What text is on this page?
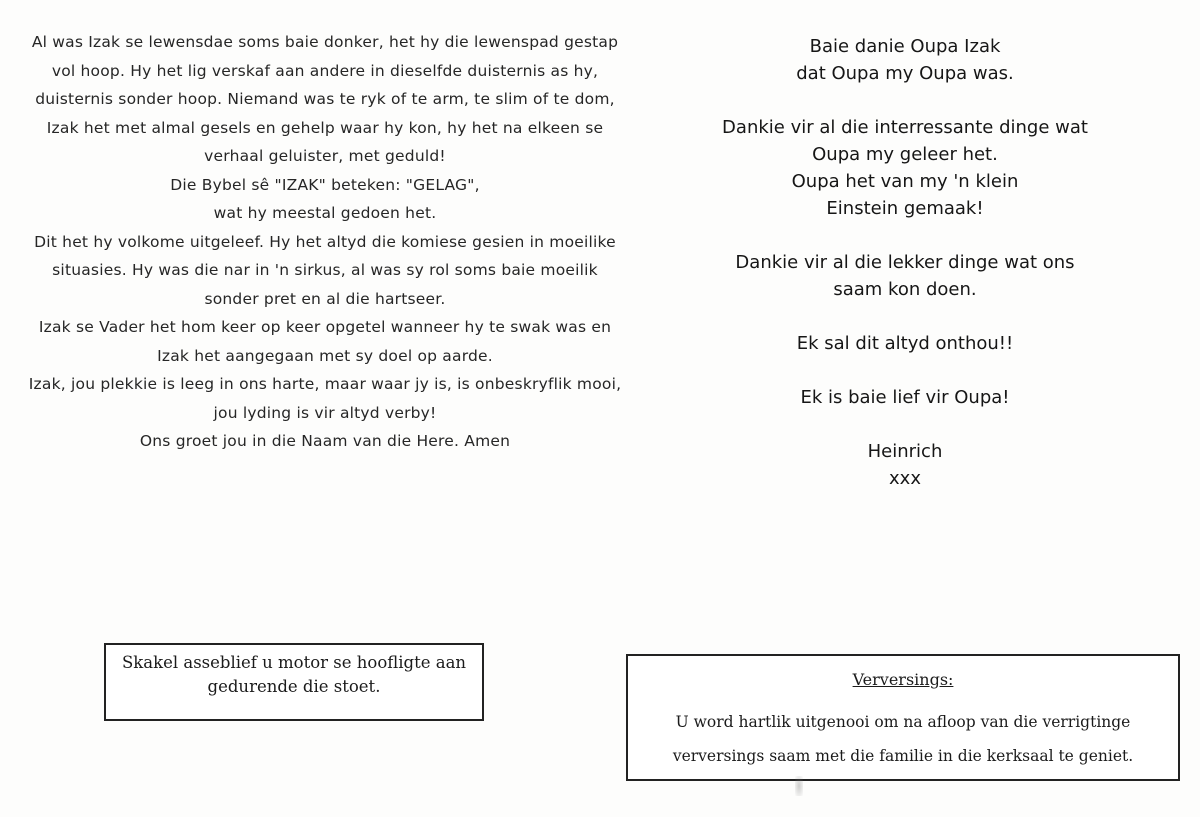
Al was Izak se lewensdae soms baie donker, het hy die lewenspad gestap
vol hoop. Hy het lig verskaf aan andere in dieselfde duisternis as hy,
duisternis sonder hoop. Niemand was te ryk of te arm, te slim of te dom,
Izak het met almal gesels en gehelp waar hy kon, hy het na elkeen se
verhaal geluister, met geduld!
Die Bybel sê "IZAK" beteken: "GELAG",
wat hy meestal gedoen het.
Dit het hy volkome uitgeleef. Hy het altyd die komiese gesien in moeilike
situasies. Hy was die nar in 'n sirkus, al was sy rol soms baie moeilik
sonder pret en al die hartseer.
Izak se Vader het hom keer op keer opgetel wanneer hy te swak was en
Izak het aangegaan met sy doel op aarde.
Izak, jou plekkie is leeg in ons harte, maar waar jy is, is onbeskryflik mooi,
jou lyding is vir altyd verby!
Ons groet jou in die Naam van die Here. Amen
Baie danie Oupa Izak
dat Oupa my Oupa was.
Dankie vir al die interressante dinge wat
Oupa my geleer het.
Oupa het van my 'n klein
Einstein gemaak!
Dankie vir al die lekker dinge wat ons
saam kon doen.
Ek sal dit altyd onthou!!
Ek is baie lief vir Oupa!
Heinrich
xxx
Skakel asseblief u motor se hoofligte aan
gedurende die stoet.	Verversings:
U word hartlik uitgenooi om na afloop van die verrigtinge
verversings saam met die familie in die kerksaal te geniet.
